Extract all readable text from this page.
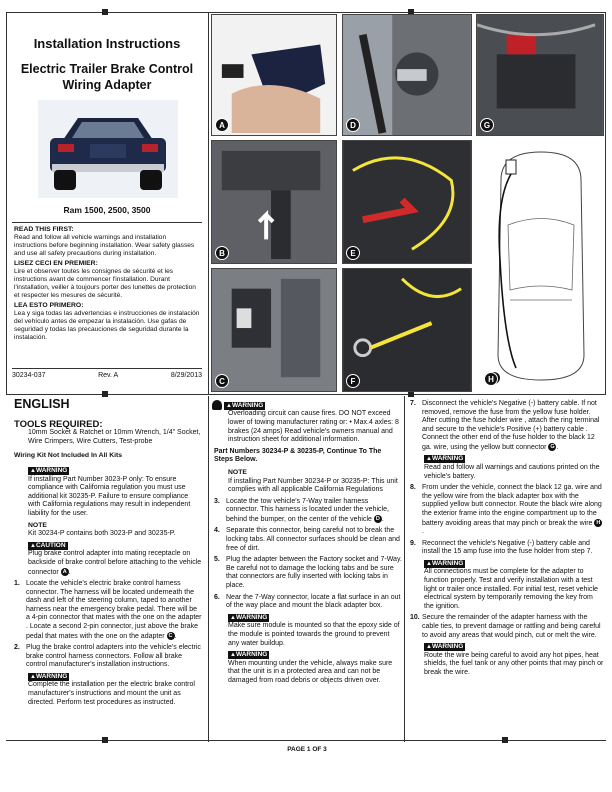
Installation Instructions
Electric Trailer Brake Control
Wiring Adapter
Ram 1500, 2500, 3500

READ THIS FIRST:
Read and follow all vehicle warnings and installation instructions before beginning installation. Wear safety glasses and use all safety precautions during installation.

LISEZ CECI EN PREMIER:
Lire et observer toutes les consignes de sécurité et les instructions avant de commencer l'installation. Durant l'installation, veiller à toujours porter des lunettes de protection et respecter les mesures de sécurité.

LEA ESTO PRIMERO:
Lea y siga todas las advertencias e instrucciones de instalación del vehículo antes de empezar la instalación. Use gafas de seguridad y todas las precauciones de seguridad durante la instalación.

30234-037	Rev. A	8/29/2013
A	D	G
B	E
C	F	H
ENGLISH
TOOLS REQUIRED:
10mm Socket & Ratchet or 10mm Wrench, 1/4" Socket, Wire Crimpers, Wire Cutters, Test-probe
Wiring Kit Not Included In All Kits
▲ WARNING
If installing Part Number 3023-P only: To ensure compliance with California regulation you must use additional kit 30235-P. Failure to ensure compliance with California regulations may result in independent liability for the user.
NOTE
Kit 30234-P contains both 3023-P and 30235-P.
▲ CAUTION
Plug brake control adapter into mating receptacle on backside of brake control before attaching to the vehicle connector A .
1. Locate the vehicle's electric brake control harness connector. The harness will be located underneath the dash and left of the steering column, taped to another harness near the emergency brake pedal. There will be a 4-pin connector that mates with the one on the adapter . Locate a second 2-pin connector, just above the brake pedal that mates with the one on the adapter C .
2. Plug the brake control adapters into the vehicle's electric brake control harness connectors. Follow all brake control manufacturer's installation instructions.
▲ WARNING
Complete the installation per the electric brake control manufacturer's instructions and mount the unit as directed. Perform test procedures as instructed.
▲ WARNING
Overloading circuit can cause fires. DO NOT exceed lower of towing manufacturer rating or: • Max.4 axles: 8 brakes (24 amps) Read vehicle's owners manual and instruction sheet for additional information.
Part Numbers 30234-P & 30235-P, Continue To The Steps Below.
NOTE
If installing Part Number 30234-P or 30235-P: This unit complies with all applicable California Regulations
3. Locate the tow vehicle's 7-Way trailer harness connector. This harness is located under the vehicle, behind the bumper, on the center of the vehicle D .
4. Separate this connector, being careful not to break the locking tabs. All connector surfaces should be clean and free of dirt.
5. Plug the adapter between the Factory socket and 7-Way. Be careful not to damage the locking tabs and be sure that connectors are fully inserted with locking tabs in place.
6. Near the 7-Way connector, locate a flat surface in an out of the way place and mount the black adapter box.
▲ WARNING
Make sure module is mounted so that the epoxy side of the module is pointed towards the ground to prevent any water buildup.
▲ WARNING
When mounting under the vehicle, always make sure that the unit is in a protected area and can not be damaged from road debris or objects driven over.
PAGE 1 OF 3
7. Disconnect the vehicle's Negative (-) battery cable. If not removed, remove the fuse from the yellow fuse holder. After cutting the fuse holder wire , attach the ring terminal and secure to the vehicle's Positive (+) battery cable . Connect the other end of the fuse holder to the black 12 ga. wire, using the yellow butt connector G .
▲ WARNING
Read and follow all warnings and cautions printed on the vehicle's battery.
8. From under the vehicle, connect the black 12 ga. wire and the yellow wire from the black adapter box with the supplied yellow butt connector. Route the black wire along the exterior frame into the engine compartment up to the battery avoiding areas that may pinch or break the wire H.
9. Reconnect the vehicle's Negative (-) battery cable and install the 15 amp fuse into the fuse holder from step 7.
▲ WARNING
All connections must be complete for the adapter to function properly. Test and verify installation with a test light or trailer once installed. For initial test, reset vehicle electrical system by temporarily removing the key from the ignition.
10. Secure the remainder of the adapter harness with the cable ties, to prevent damage or rattling and being careful to avoid any areas that would pinch, cut or melt the wire.
▲ WARNING
Route the wire being careful to avoid any hot pipes, heat shields, the fuel tank or any other points that may pinch or break the wire.
